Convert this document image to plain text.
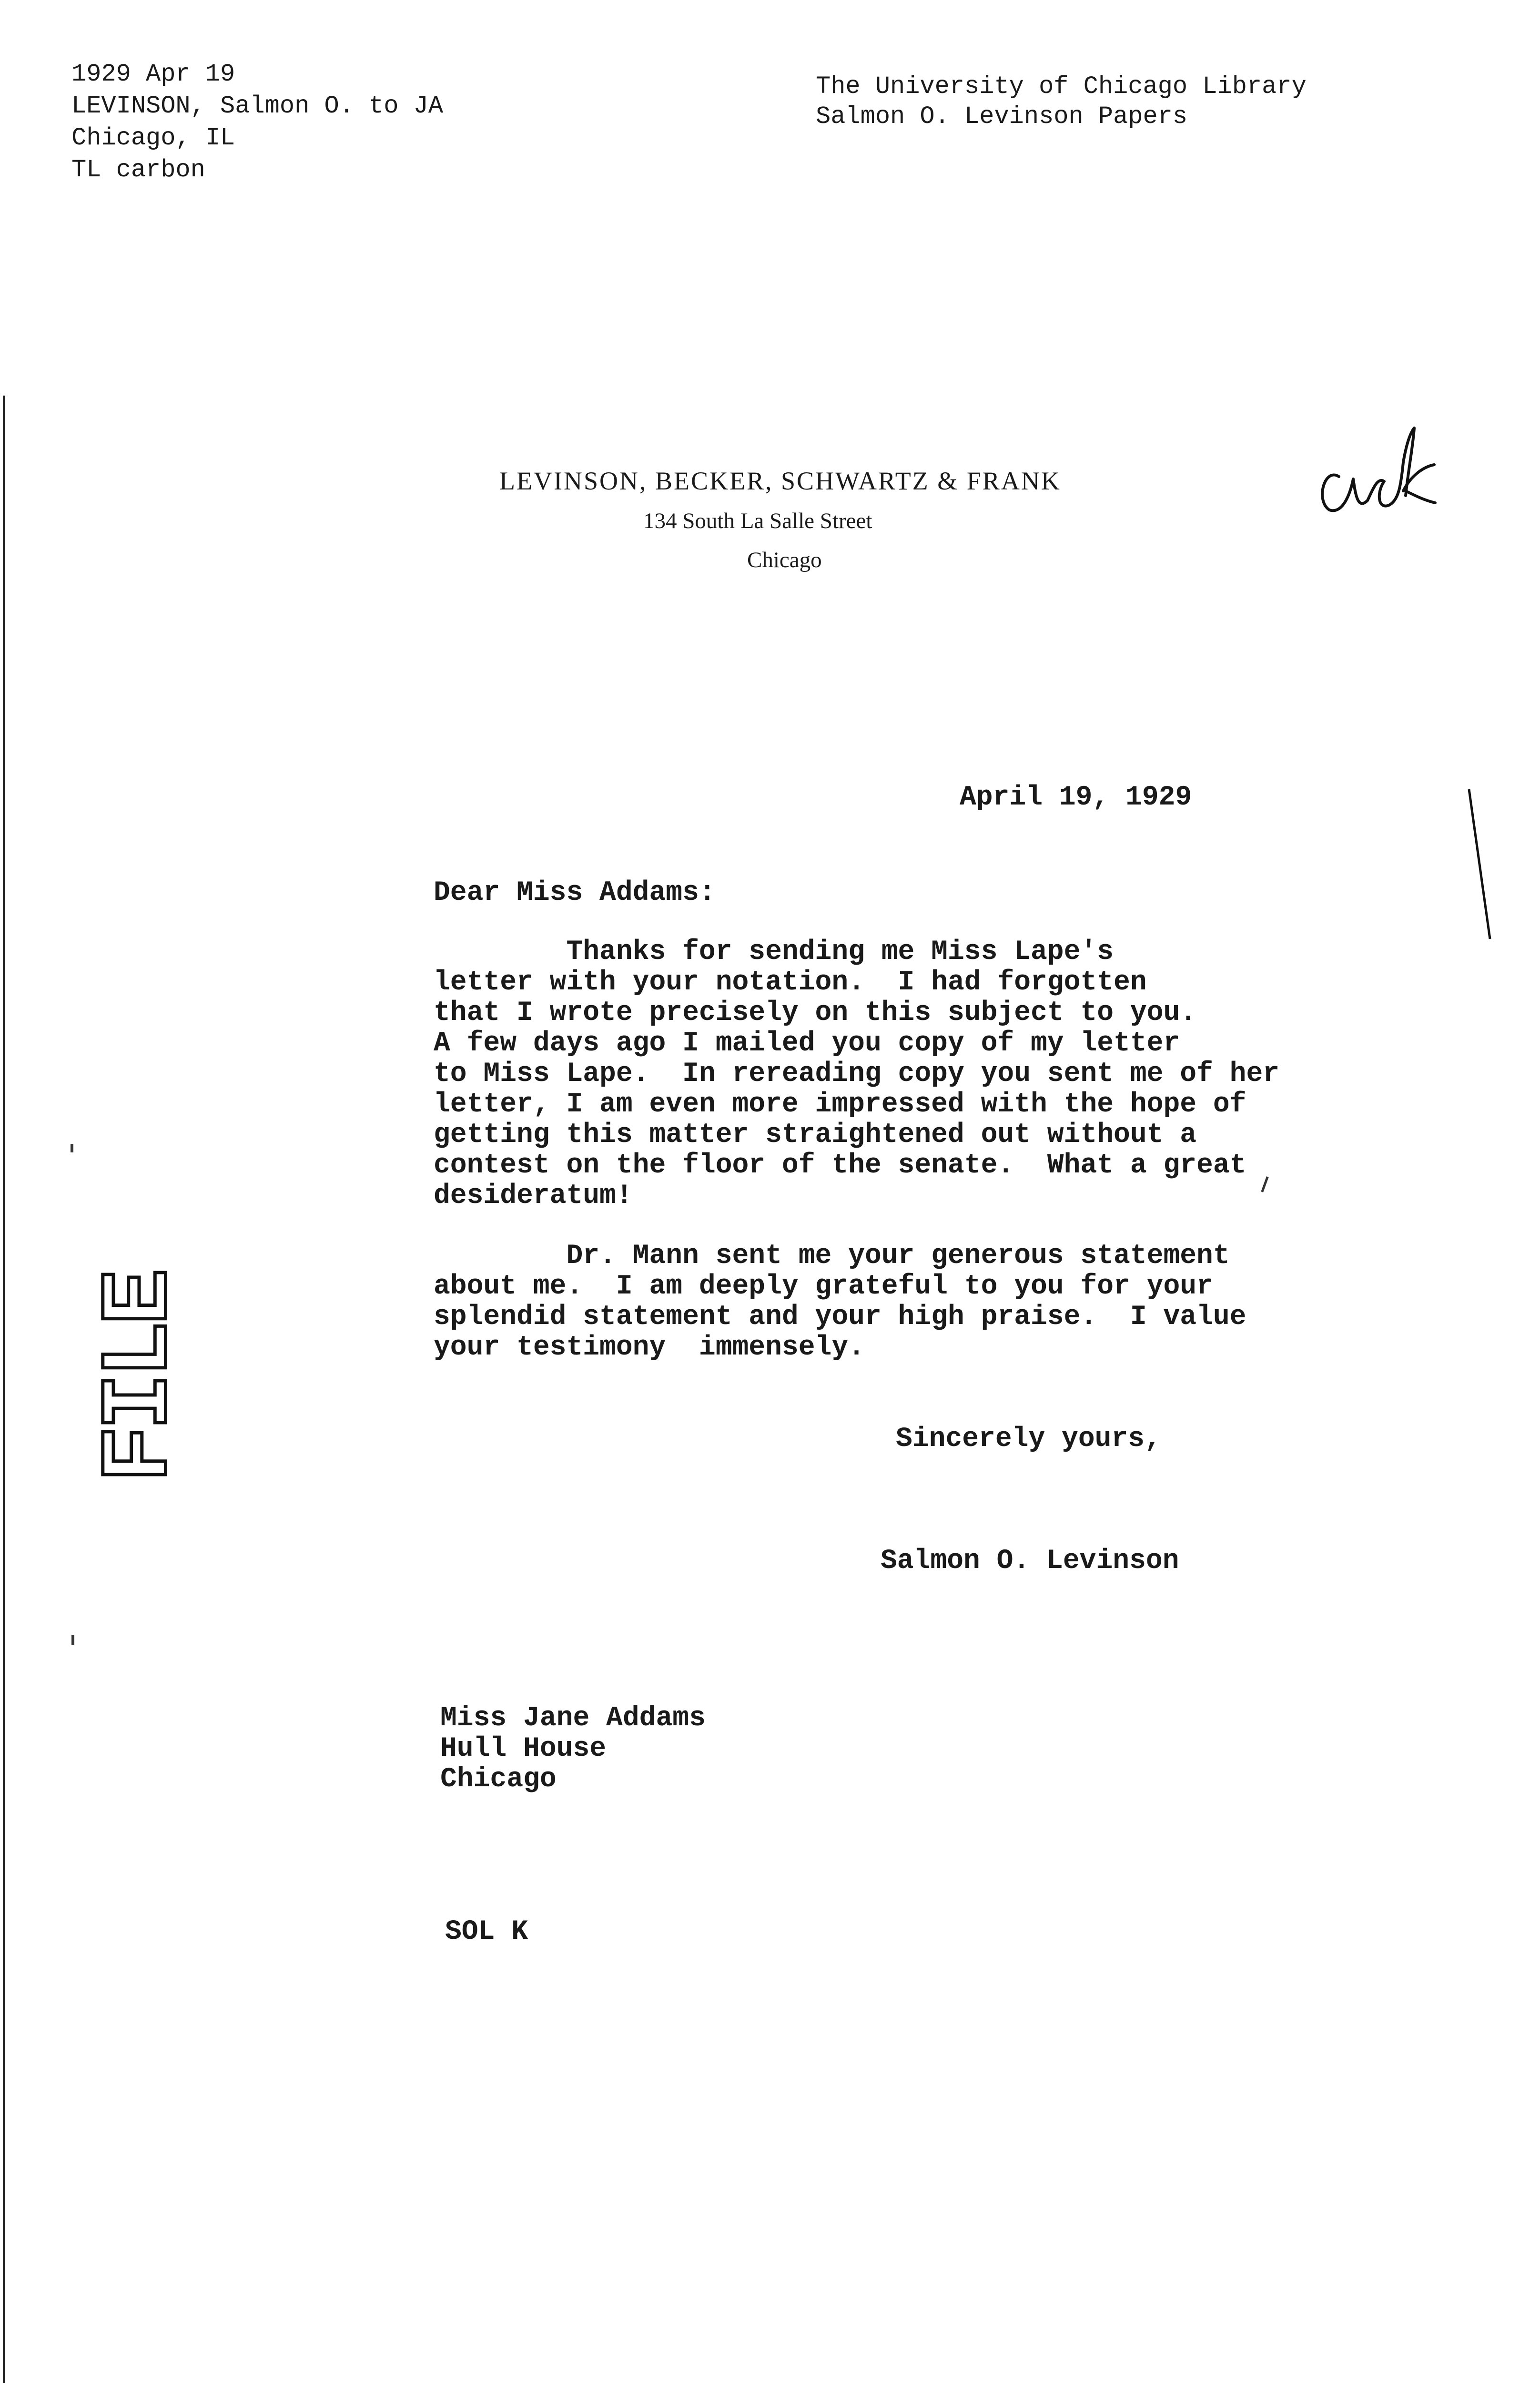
1929 Apr 19
LEVINSON, Salmon O. to JA
Chicago, IL
TL carbon
The University of Chicago Library
Salmon O. Levinson Papers
LEVINSON, BECKER, SCHWARTZ & FRANK
134 South La Salle Street
Chicago
April 19, 1929
Dear Miss Addams:
Thanks for sending me Miss Lape's
letter with your notation.  I had forgotten
that I wrote precisely on this subject to you.
A few days ago I mailed you copy of my letter
to Miss Lape.  In rereading copy you sent me of her
letter, I am even more impressed with the hope of
getting this matter straightened out without a
contest on the floor of the senate.  What a great
desideratum!
Dr. Mann sent me your generous statement
about me.  I am deeply grateful to you for your
splendid statement and your high praise.  I value
your testimony  immensely.
Sincerely yours,
Salmon O. Levinson
Miss Jane Addams
Hull House
Chicago
SOL K
FILE
